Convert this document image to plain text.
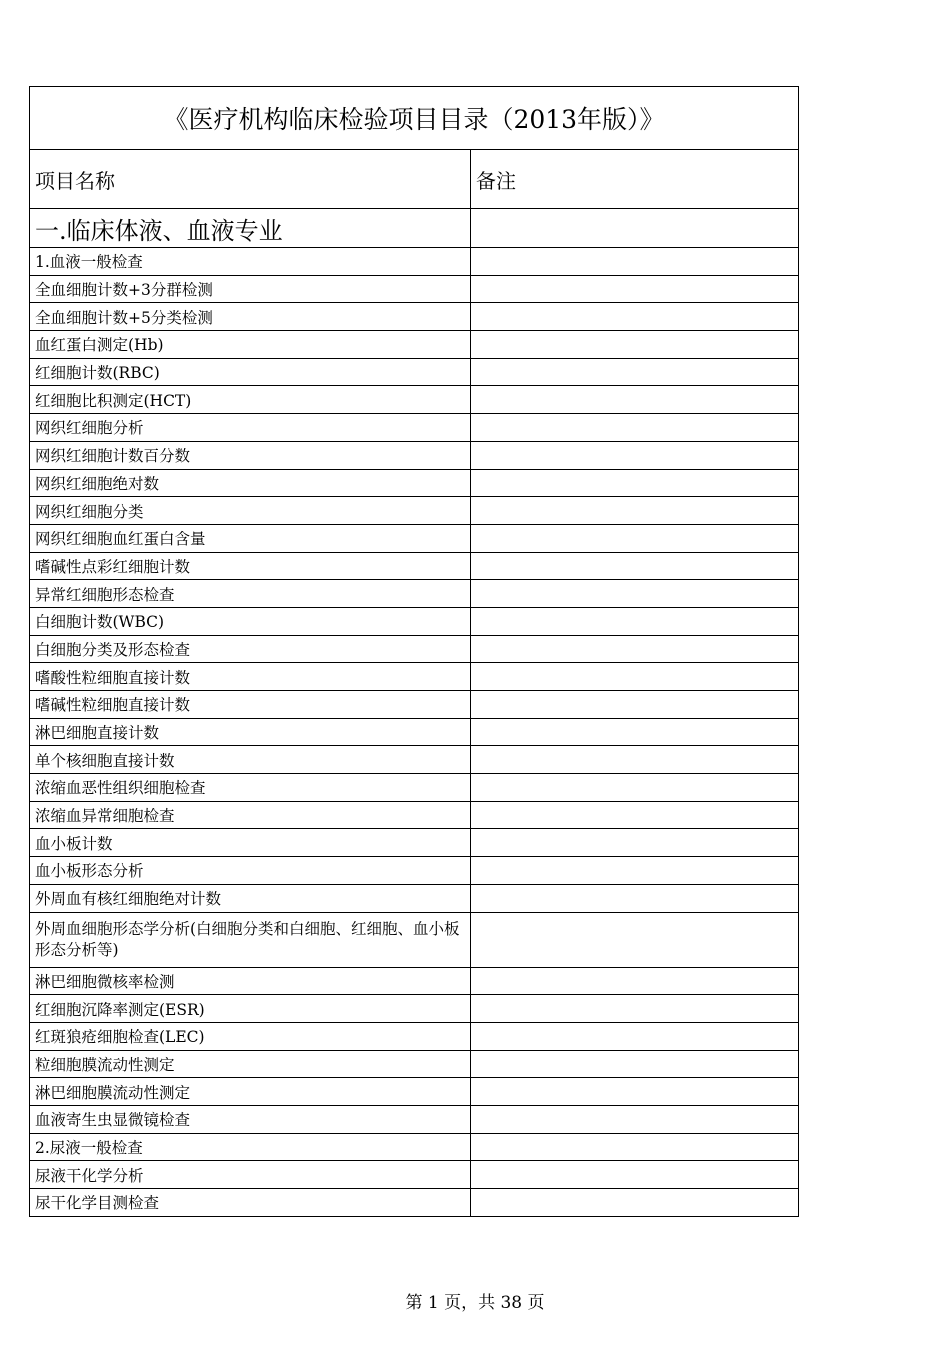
《医疗机构临床检验项目目录（2013年版）》	
项目名称	备注
一.临床体液、血液专业	
1.血液一般检查	
全血细胞计数+3分群检测	
全血细胞计数+5分类检测	
血红蛋白测定(Hb)	
红细胞计数(RBC)	
红细胞比积测定(HCT)	
网织红细胞分析	
网织红细胞计数百分数	
网织红细胞绝对数	
网织红细胞分类	
网织红细胞血红蛋白含量	
嗜碱性点彩红细胞计数	
异常红细胞形态检查	
白细胞计数(WBC)	
白细胞分类及形态检查	
嗜酸性粒细胞直接计数	
嗜碱性粒细胞直接计数	
淋巴细胞直接计数	
单个核细胞直接计数	
浓缩血恶性组织细胞检查	
浓缩血异常细胞检查	
血小板计数	
血小板形态分析	
外周血有核红细胞绝对计数	
外周血细胞形态学分析(白细胞分类和白细胞、红细胞、血小板形态分析等)	
淋巴细胞微核率检测	
红细胞沉降率测定(ESR)	
红斑狼疮细胞检查(LEC)	
粒细胞膜流动性测定	
淋巴细胞膜流动性测定	
血液寄生虫显微镜检查	
2.尿液一般检查	
尿液干化学分析	
尿干化学目测检查	
第 1 页，共 38 页
